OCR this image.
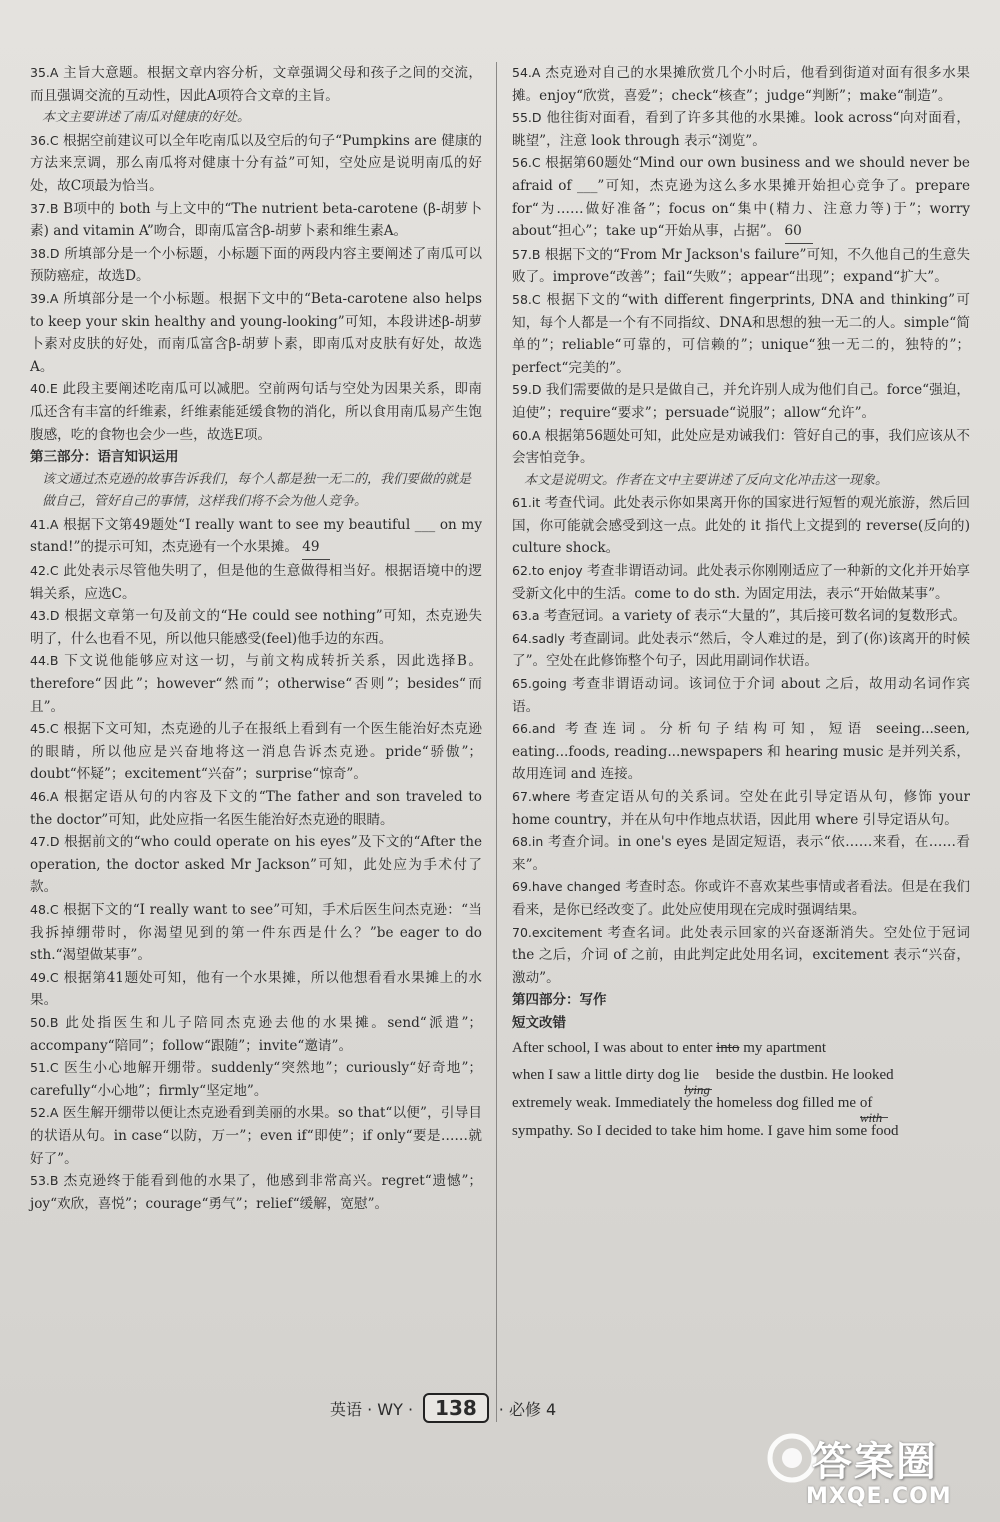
35.A 主旨大意题。根据文章内容分析，文章强调父母和孩子之间的交流，而且强调交流的互动性，因此A项符合文章的主旨。
本文主要讲述了南瓜对健康的好处。
36.C 根据空前建议可以全年吃南瓜以及空后的句子“Pumpkins are 健康的方法来烹调，那么南瓜将对健康十分有益”可知，空处应是说明南瓜的好处，故C项最为恰当。
37.B B项中的 both 与上文中的“The nutrient beta-carotene (β-胡萝卜素) and vitamin A”吻合，即南瓜富含β-胡萝卜素和维生素A。
38.D 所填部分是一个小标题，小标题下面的两段内容主要阐述了南瓜可以预防癌症，故选D。
39.A 所填部分是一个小标题。根据下文中的“Beta-carotene also helps to keep your skin healthy and young-looking”可知，本段讲述β-胡萝卜素对皮肤的好处，而南瓜富含β-胡萝卜素，即南瓜对皮肤有好处，故选A。
40.E 此段主要阐述吃南瓜可以减肥。空前两句话与空处为因果关系，即南瓜还含有丰富的纤维素，纤维素能延缓食物的消化，所以食用南瓜易产生饱腹感，吃的食物也会少一些，故选E项。
第三部分：语言知识运用
该文通过杰克逊的故事告诉我们，每个人都是独一无二的，我们要做的就是做自己，管好自己的事情，这样我们将不会为他人竞争。
41.A 根据下文第49题处“I really want to see my beautiful ___ on my stand!”的提示可知，杰克逊有一个水果摊。 49
42.C 此处表示尽管他失明了，但是他的生意做得相当好。根据语境中的逻辑关系，应选C。
43.D 根据文章第一句及前文的“He could see nothing”可知，杰克逊失明了，什么也看不见，所以他只能感受(feel)他手边的东西。
44.B 下文说他能够应对这一切，与前文构成转折关系，因此选择B。therefore“因此”；however“然而”；otherwise“否则”；besides“而且”。
45.C 根据下文可知，杰克逊的儿子在报纸上看到有一个医生能治好杰克逊的眼睛，所以他应是兴奋地将这一消息告诉杰克逊。pride“骄傲”；doubt“怀疑”；excitement“兴奋”；surprise“惊奇”。
46.A 根据定语从句的内容及下文的“The father and son traveled to the doctor”可知，此处应指一名医生能治好杰克逊的眼睛。
47.D 根据前文的“who could operate on his eyes”及下文的“After the operation, the doctor asked Mr Jackson”可知，此处应为手术付了款。
48.C 根据下文的“I really want to see”可知，手术后医生问杰克逊：“当我拆掉绷带时，你渴望见到的第一件东西是什么？”be eager to do sth.“渴望做某事”。
49.C 根据第41题处可知，他有一个水果摊，所以他想看看水果摊上的水果。
50.B 此处指医生和儿子陪同杰克逊去他的水果摊。send“派遣”；accompany“陪同”；follow“跟随”；invite“邀请”。
51.C 医生小心地解开绷带。suddenly“突然地”；curiously“好奇地”；carefully“小心地”；firmly“坚定地”。
52.A 医生解开绷带以便让杰克逊看到美丽的水果。so that“以便”，引导目的状语从句。in case“以防，万一”；even if“即使”；if only“要是……就好了”。
53.B 杰克逊终于能看到他的水果了，他感到非常高兴。regret“遗憾”；joy“欢欣，喜悦”；courage“勇气”；relief“缓解，宽慰”。
54.A 杰克逊对自己的水果摊欣赏几个小时后，他看到街道对面有很多水果摊。enjoy“欣赏，喜爱”；check“核查”；judge“判断”；make“制造”。
55.D 他往街对面看，看到了许多其他的水果摊。look across“向对面看，眺望”，注意 look through 表示“浏览”。
56.C 根据第60题处“Mind our own business and we should never be afraid of ___”可知，杰克逊为这么多水果摊开始担心竞争了。prepare for“为……做好准备”；focus on“集中(精力、注意力等)于”；worry about“担心”；take up“开始从事，占据”。 60
57.B 根据下文的“From Mr Jackson's failure”可知，不久他自己的生意失败了。improve“改善”；fail“失败”；appear“出现”；expand“扩大”。
58.C 根据下文的“with different fingerprints, DNA and thinking”可知，每个人都是一个有不同指纹、DNA和思想的独一无二的人。simple“简单的”；reliable“可靠的，可信赖的”；unique“独一无二的，独特的”；perfect“完美的”。
59.D 我们需要做的是只是做自己，并允许别人成为他们自己。force“强迫，迫使”；require“要求”；persuade“说服”；allow“允许”。
60.A 根据第56题处可知，此处应是劝诫我们：管好自己的事，我们应该从不会害怕竞争。
本文是说明文。作者在文中主要讲述了反向文化冲击这一现象。
61.it 考查代词。此处表示你如果离开你的国家进行短暂的观光旅游，然后回国，你可能就会感受到这一点。此处的 it 指代上文提到的 reverse(反向的) culture shock。
62.to enjoy 考查非谓语动词。此处表示你刚刚适应了一种新的文化并开始享受新文化中的生活。come to do sth. 为固定用法，表示“开始做某事”。
63.a 考查冠词。a variety of 表示“大量的”，其后接可数名词的复数形式。
64.sadly 考查副词。此处表示“然后，令人难过的是，到了(你)该离开的时候了”。空处在此修饰整个句子，因此用副词作状语。
65.going 考查非谓语动词。该词位于介词 about 之后，故用动名词作宾语。
66.and 考查连词。分析句子结构可知，短语 seeing...seen, eating...foods, reading...newspapers 和 hearing music 是并列关系，故用连词 and 连接。
67.where 考查定语从句的关系词。空处在此引导定语从句，修饰 your home country，并在从句中作地点状语，因此用 where 引导定语从句。
68.in 考查介词。in one's eyes 是固定短语，表示“依……来看，在……看来”。
69.have changed 考查时态。你或许不喜欢某些事情或者看法。但是在我们看来，是你已经改变了。此处应使用现在完成时强调结果。
70.excitement 考查名词。此处表示回家的兴奋逐渐消失。空处位于冠词 the 之后，介词 of 之前，由此判定此处用名词，excitement 表示“兴奋，激动”。
第四部分：写作
短文改错
After school, I was about to enter into my apartment
when I saw a little dirty dog lie
lying
beside the dustbin. He looked
extremely weak. Immediately the homeless dog filled me of
with
sympathy. So I decided to take him home. I gave him some food
英语 · WY ·	138	· 必修 4
答案圈
MXQE.COM
